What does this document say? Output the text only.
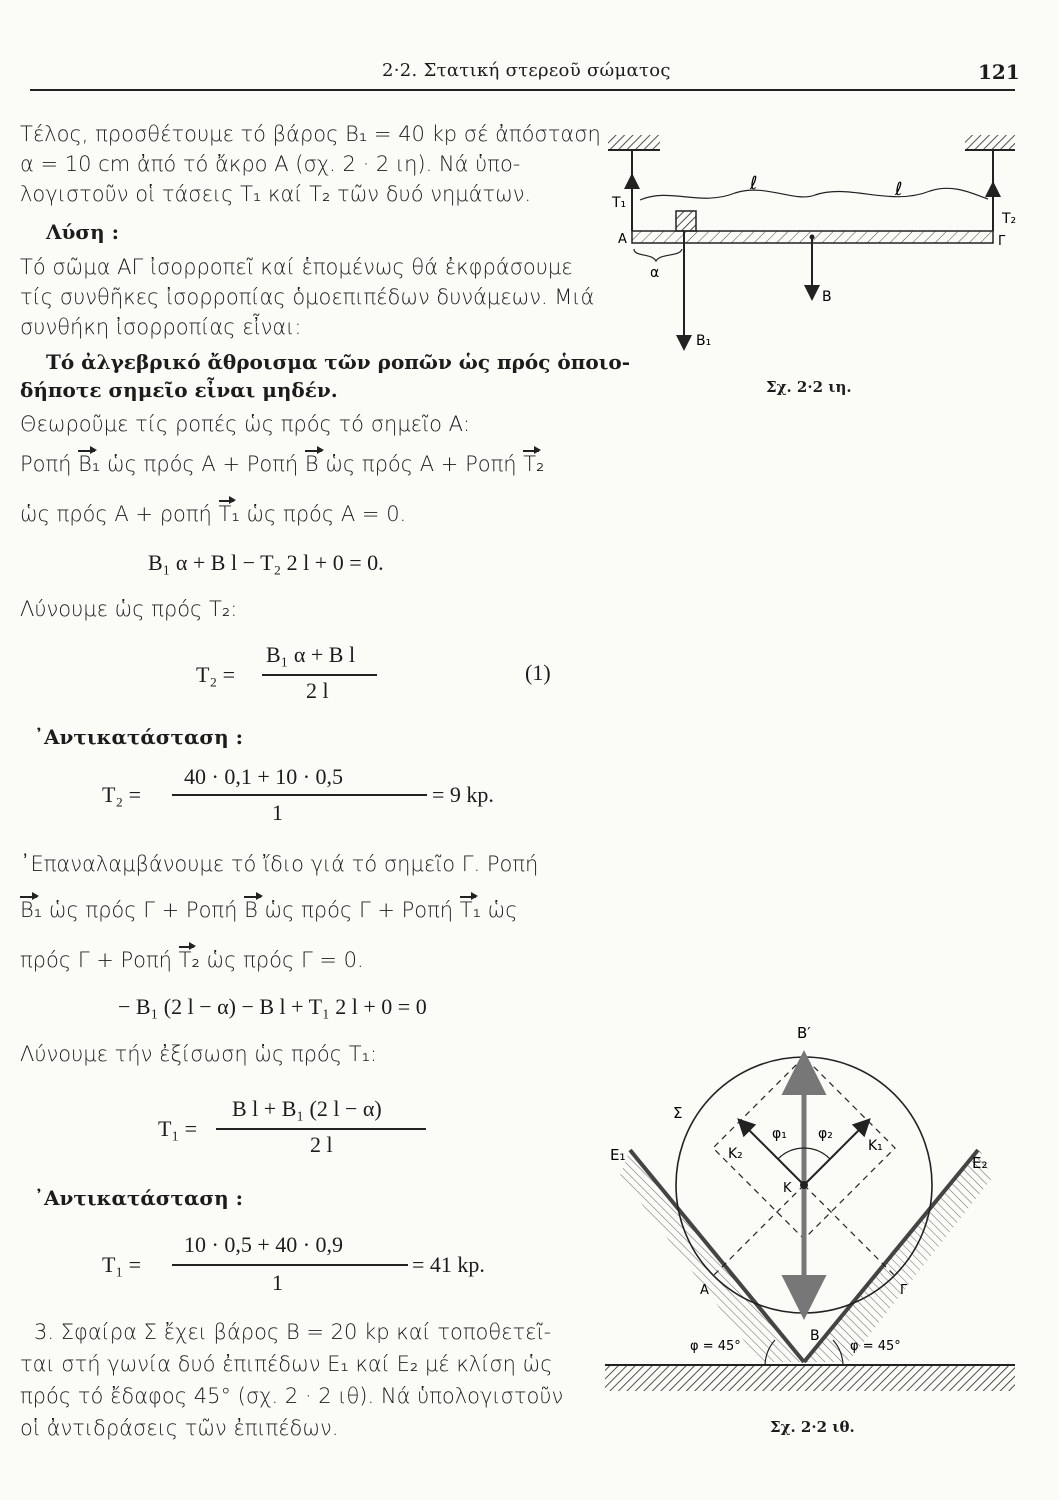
2·2. Στατική στερεοῦ σώματος	121
Τέλος, προσθέτουμε τό βάρος B₁ = 40 kp σέ ἀπόσταση
α = 10 cm ἀπό τό ἄκρο Α (σχ. 2 · 2 ιη). Νά ὑπο-
λογιστοῦν οἱ τάσεις T₁ καί T₂ τῶν δυό νημάτων.
Λύση :
Τό σῶμα ΑΓ ἰσορροπεῖ καί ἑπομένως θά ἐκφράσουμε
τίς συνθῆκες ἰσορροπίας ὁμοεπιπέδων δυνάμεων. Μιά
συνθήκη ἰσορροπίας εἶναι:
Τό ἀλγεβρικό ἄθροισμα τῶν ροπῶν ὡς πρός ὁποιο-
δήποτε σημεῖο εἶναι μηδέν.
Θεωροῦμε τίς ροπές ὡς πρός τό σημεῖο Α:
Ροπή B₁ ὡς πρός A + Ροπή B ὡς πρός A + Ροπή T₂
ὡς πρός A + ροπή T₁ ὡς πρός A = 0.
B₁ α + B l − T₂ 2 l + 0 = 0.
Λύνουμε ὡς πρός T₂:
T₂ =
B₁ α + B l
2 l
(1)
᾿Αντικατάσταση :
T₂ =
40 · 0,1 + 10 · 0,5
1
= 9 kp.
᾿Επαναλαμβάνουμε τό ἴδιο γιά τό σημεῖο Γ. Ροπή
B₁ ὡς πρός Γ + Ροπή B ὡς πρός Γ + Ροπή T₁ ὡς
πρός Γ + Ροπή T₂ ὡς πρός Γ = 0.
− B₁ (2 l − α) − B l + T₁ 2 l + 0 = 0
Λύνουμε τήν ἐξίσωση ὡς πρός T₁:
T₁ =
B l + B₁ (2 l − α)
2 l
᾿Αντικατάσταση :
T₁ =
10 · 0,5 + 40 · 0,9
1
= 41 kp.
3. Σφαίρα Σ ἔχει βάρος B = 20 kp καί τοποθετεῖ-
ται στή γωνία δυό ἐπιπέδων E₁ καί E₂ μέ κλίση ὡς
πρός τό ἔδαφος 45° (σχ. 2 · 2 ιθ). Νά ὑπολογιστοῦν
οἱ ἀντιδράσεις τῶν ἐπιπέδων.
T₁
T₂
ℓ	ℓ
A	Γ
α
B
B₁
Σχ. 2·2 ιη.
B′
Σ
E₁	E₂
K₂	K₁
φ₁ φ₂
K
A	Γ
B
φ = 45°	φ = 45°
Σχ. 2·2 ιθ.
